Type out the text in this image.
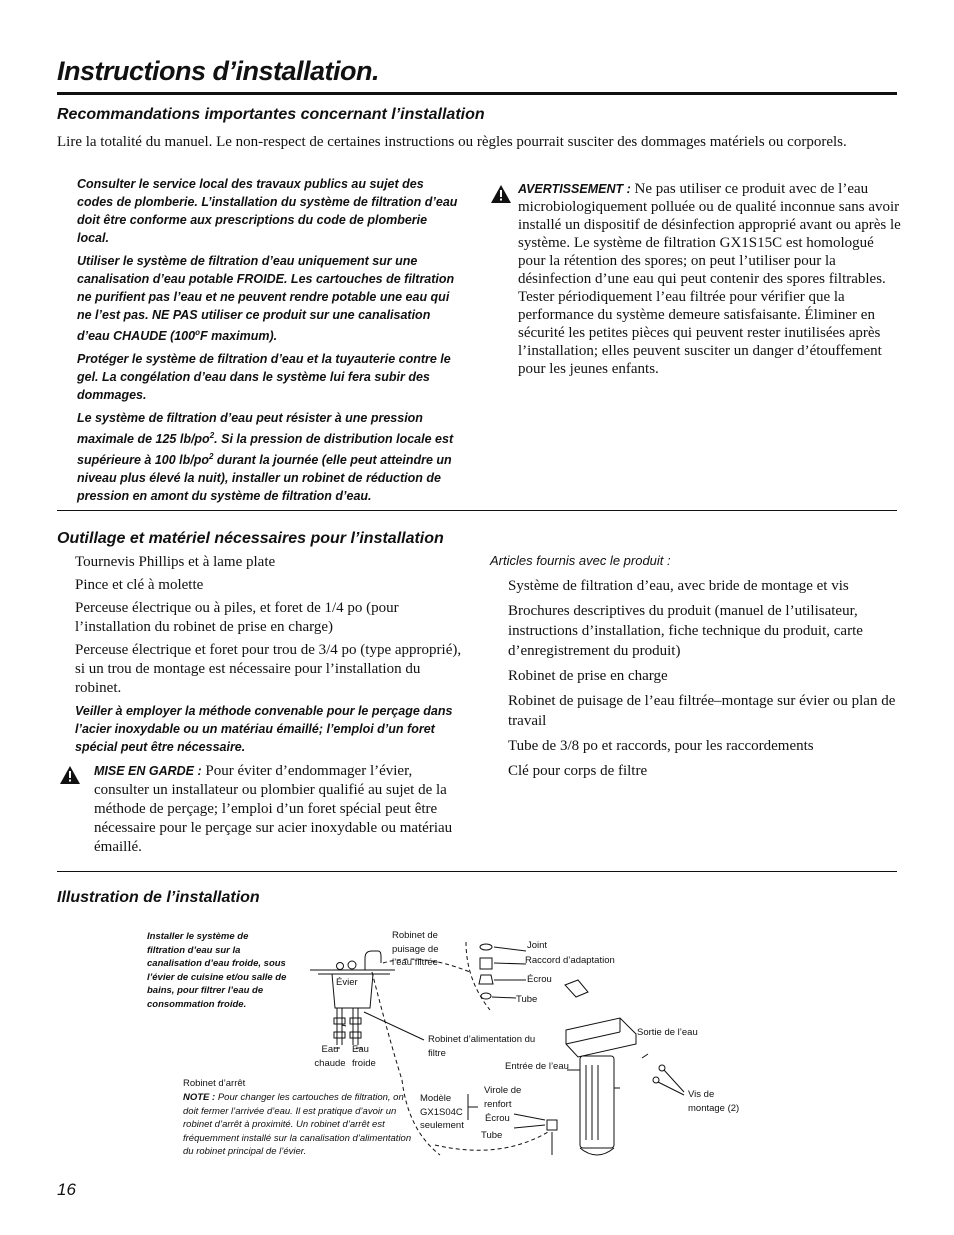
Instructions d’installation.
Recommandations importantes concernant l’installation

Lire la totalité du manuel. Le non-respect de certaines instructions ou règles pourrait susciter des dommages matériels ou corporels.

Consulter le service local des travaux publics au sujet des codes de plomberie. L’installation du système de filtration d’eau doit être conforme aux prescriptions du code de plomberie local.

Utiliser le système de filtration d’eau uniquement sur une canalisation d’eau potable FROIDE. Les cartouches de filtration ne purifient pas l’eau et ne peuvent rendre potable une eau qui ne l’est pas. NE PAS utiliser ce produit sur une canalisation d’eau CHAUDE (100$^o$F maximum).

Protéger le système de filtration d’eau et la tuyauterie contre le gel. La congélation d’eau dans le système lui fera subir des dommages.

Le système de filtration d’eau peut résister à une pression maximale de 125 $lb/po^2$. Si la pression de distribution locale est supérieure à 100 $lb/po^2$ durant la journée (elle peut atteindre un niveau plus élevé la nuit), installer un robinet de réduction de pression en amont du système de filtration d’eau.

AVERTISSEMENT : Ne pas utiliser ce produit avec de l’eau microbiologiquement polluée ou de qualité inconnue sans avoir installé un dispositif de désinfection approprié avant ou après le système. Le système de filtration GX1S15C est homologué pour la rétention des spores; on peut l’utiliser pour la désinfection d’une eau qui peut contenir des spores filtrables. Tester périodiquement l’eau filtrée pour vérifier que la performance du système demeure satisfaisante. Éliminer en sécurité les petites pièces qui peuvent rester inutilisées après l’installation; elles peuvent susciter un danger d’étouffement pour les jeunes enfants.

Outillage et matériel nécessaires pour l’installation
Tournevis Phillips et à lame plate
Pince et clé à molette
Perceuse électrique ou à piles, et foret de 1/4 po (pour l’installation du robinet de prise en charge)
Perceuse électrique et foret pour trou de 3/4 po (type approprié), si un trou de montage est nécessaire pour l’installation du robinet.
Veiller à employer la méthode convenable pour le perçage dans l’acier inoxydable ou un matériau émaillé; l’emploi d’un foret spécial peut être nécessaire.
MISE EN GARDE : Pour éviter d’endommager l’évier, consulter un installateur ou plombier qualifié au sujet de la méthode de perçage; l’emploi d’un foret spécial peut être nécessaire pour le perçage sur acier inoxydable ou matériau émaillé.
Articles fournis avec le produit :
Système de filtration d’eau, avec bride de montage et vis
Brochures descriptives du produit (manuel de l’utilisateur, instructions d’installation, fiche technique du produit, carte d’enregistrement du produit)
Robinet de prise en charge
Robinet de puisage de l’eau filtrée–montage sur évier ou plan de travail
Tube de 3/8 po et raccords, pour les raccordements
Clé pour corps de filtre
Illustration de l’installation

Installer le système de filtration d’eau sur la canalisation d’eau froide, sous l’évier de cuisine et/ou salle de bains, pour filtrer l’eau de consommation froide.

Robinet de puisage de l’eau filtrée

Évier

Eau chaude

Eau froide

Robinet d’arrêt

NOTE : Pour changer les cartouches de filtration, on doit fermer l’arrivée d’eau. Il est pratique d’avoir un robinet d’arrêt à proximité. Un robinet d’arrêt est fréquemment installé sur la canalisation d’alimentation du robinet principal de l’évier.

Robinet d’alimentation du filtre

Joint

Raccord d’adaptation

Écrou

Tube

Sortie de l’eau

Entrée de l’eau

Vis de montage (2)

Modèle GX1S04C seulement

Virole de renfort

Écrou

Tube

16
